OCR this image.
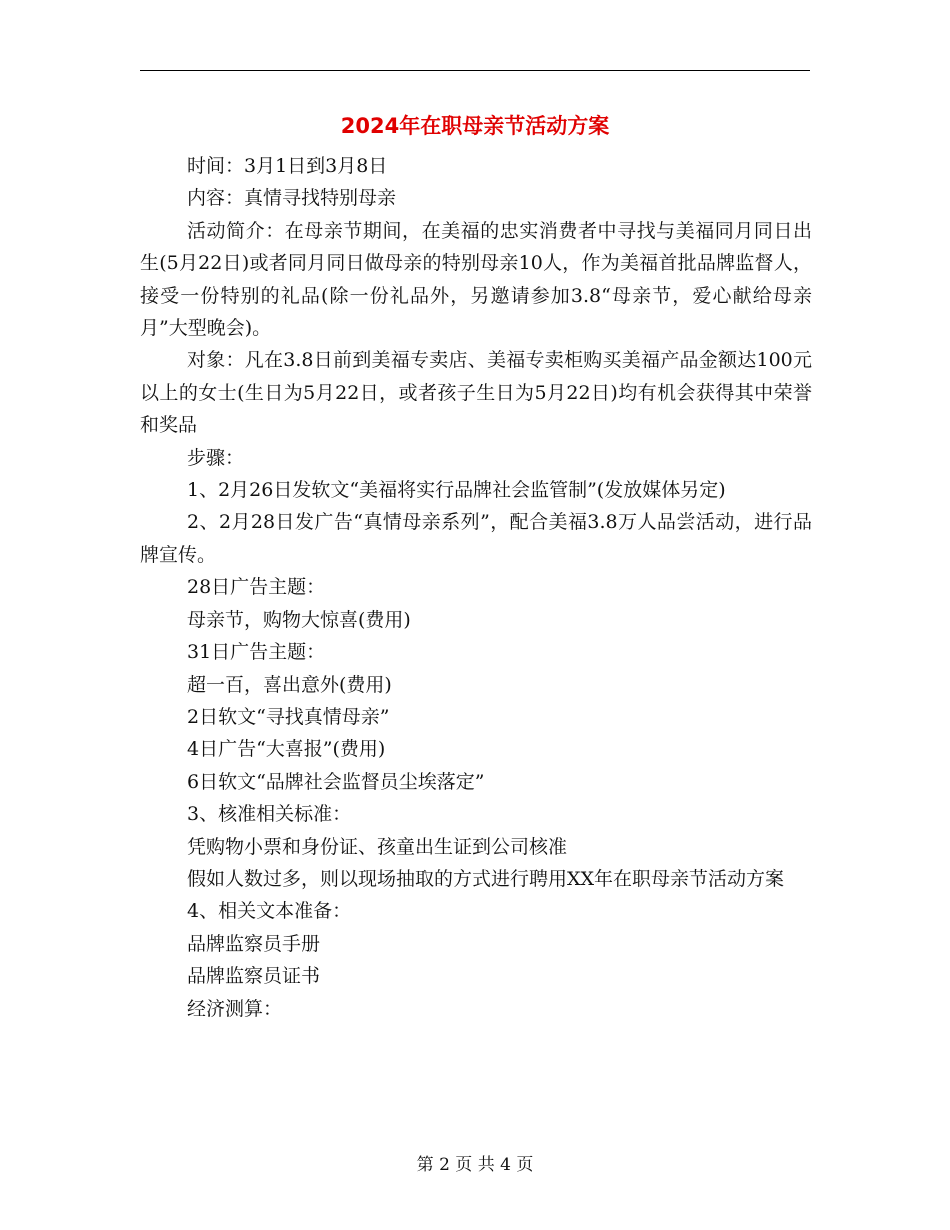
2024年在职母亲节活动方案

时间：3月1日到3月8日

内容：真情寻找特别母亲

活动简介：在母亲节期间，在美福的忠实消费者中寻找与美福同月同日出生(5月22日)或者同月同日做母亲的特别母亲10人，作为美福首批品牌监督人，接受一份特别的礼品(除一份礼品外，另邀请参加3.8“母亲节，爱心献给母亲月”大型晚会)。

对象：凡在3.8日前到美福专卖店、美福专卖柜购买美福产品金额达100元以上的女士(生日为5月22日，或者孩子生日为5月22日)均有机会获得其中荣誉和奖品

步骤：

1、2月26日发软文“美福将实行品牌社会监管制”(发放媒体另定)

2、2月28日发广告“真情母亲系列”，配合美福3.8万人品尝活动，进行品牌宣传。

28日广告主题：

母亲节，购物大惊喜(费用)

31日广告主题：

超一百，喜出意外(费用)

2日软文“寻找真情母亲”

4日广告“大喜报”(费用)

6日软文“品牌社会监督员尘埃落定”

3、核准相关标准：

凭购物小票和身份证、孩童出生证到公司核准

假如人数过多，则以现场抽取的方式进行聘用XX年在职母亲节活动方案

4、相关文本准备：

品牌监察员手册

品牌监察员证书

经济测算：

第 2 页 共 4 页
